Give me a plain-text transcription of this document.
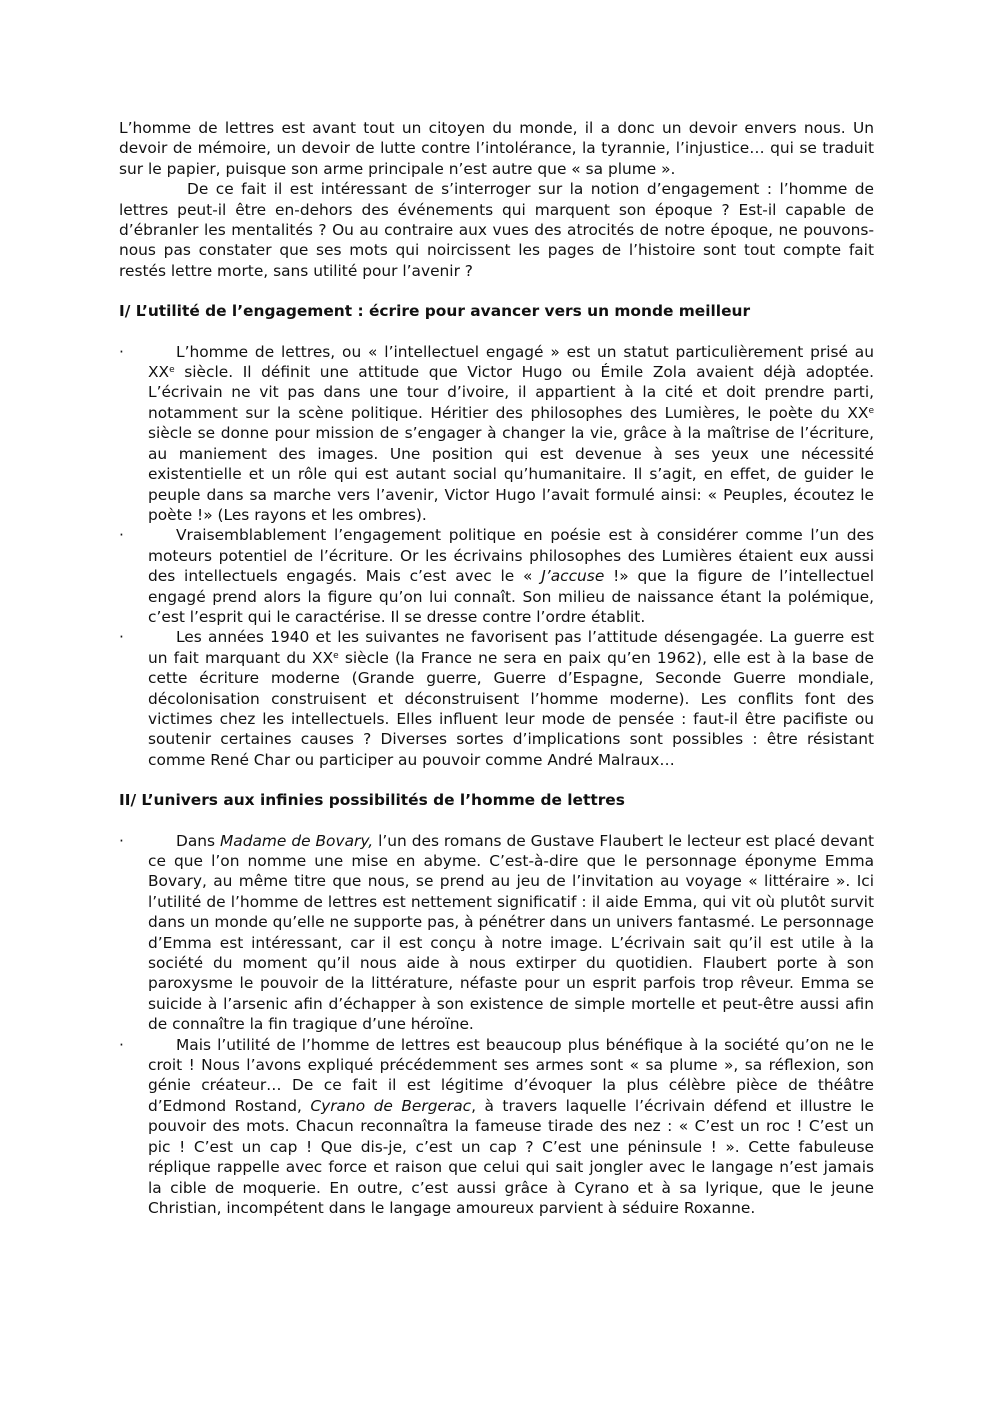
L’homme de lettres est avant tout un citoyen du monde, il a donc un devoir envers nous. Un devoir de mémoire, un devoir de lutte contre l’intolérance, la tyrannie, l’injustice… qui se traduit sur le papier, puisque son arme principale n’est autre que « sa plume ».

De ce fait il est intéressant de s’interroger sur la notion d’engagement : l’homme de lettres peut-il être en-dehors des événements qui marquent son époque ? Est-il capable de d’ébranler les mentalités ? Ou au contraire aux vues des atrocités de notre époque, ne pouvons-nous pas constater que ses mots qui noircissent les pages de l’histoire sont tout compte fait restés lettre morte, sans utilité pour l’avenir ?

I/ L’utilité de l’engagement : écrire pour avancer vers un monde meilleur
·	L’homme de lettres, ou « l’intellectuel engagé » est un statut particulièrement prisé au XXe siècle. Il définit une attitude que Victor Hugo ou Émile Zola avaient déjà adoptée. L’écrivain ne vit pas dans une tour d’ivoire, il appartient à la cité et doit prendre parti, notamment sur la scène politique. Héritier des philosophes des Lumières, le poète du XXe siècle se donne pour mission de s’engager à changer la vie, grâce à la maîtrise de l’écriture, au maniement des images. Une position qui est devenue à ses yeux une nécessité existentielle et un rôle qui est autant social qu’humanitaire. Il s’agit, en effet, de guider le peuple dans sa marche vers l’avenir, Victor Hugo l’avait formulé ainsi: « Peuples, écoutez le poète !» (Les rayons et les ombres).

·	Vraisemblablement l’engagement politique en poésie est à considérer comme l’un des moteurs potentiel de l’écriture. Or les écrivains philosophes des Lumières étaient eux aussi des intellectuels engagés. Mais c’est avec le « J’accuse !» que la figure de l’intellectuel engagé prend alors la figure qu’on lui connaît. Son milieu de naissance étant la polémique, c’est l’esprit qui le caractérise. Il se dresse contre l’ordre établit.

·	Les années 1940 et les suivantes ne favorisent pas l’attitude désengagée. La guerre est un fait marquant du XXe siècle (la France ne sera en paix qu’en 1962), elle est à la base de cette écriture moderne (Grande guerre, Guerre d’Espagne, Seconde Guerre mondiale, décolonisation construisent et déconstruisent l’homme moderne). Les conflits font des victimes chez les intellectuels. Elles influent leur mode de pensée : faut-il être pacifiste ou soutenir certaines causes ? Diverses sortes d’implications sont possibles : être résistant comme René Char ou participer au pouvoir comme André Malraux…

II/ L’univers aux infinies possibilités de l’homme de lettres
·	Dans Madame de Bovary, l’un des romans de Gustave Flaubert le lecteur est placé devant ce que l’on nomme une mise en abyme. C’est-à-dire que le personnage éponyme Emma Bovary, au même titre que nous, se prend au jeu de l’invitation au voyage « littéraire ». Ici l’utilité de l’homme de lettres est nettement significatif : il aide Emma, qui vit où plutôt survit dans un monde qu’elle ne supporte pas, à pénétrer dans un univers fantasmé. Le personnage d’Emma est intéressant, car il est conçu à notre image. L’écrivain sait qu’il est utile à la société du moment qu’il nous aide à nous extirper du quotidien. Flaubert porte à son paroxysme le pouvoir de la littérature, néfaste pour un esprit parfois trop rêveur. Emma se suicide à l’arsenic afin d’échapper à son existence de simple mortelle et peut-être aussi afin de connaître la fin tragique d’une héroïne.

·	Mais l’utilité de l’homme de lettres est beaucoup plus bénéfique à la société qu’on ne le croit ! Nous l’avons expliqué précédemment ses armes sont « sa plume », sa réflexion, son génie créateur… De ce fait il est légitime d’évoquer la plus célèbre pièce de théâtre d’Edmond Rostand, Cyrano de Bergerac, à travers laquelle l’écrivain défend et illustre le pouvoir des mots. Chacun reconnaîtra la fameuse tirade des nez : « C’est un roc ! C’est un pic ! C’est un cap ! Que dis-je, c’est un cap ? C’est une péninsule ! ». Cette fabuleuse réplique rappelle avec force et raison que celui qui sait jongler avec le langage n’est jamais la cible de moquerie. En outre, c’est aussi grâce à Cyrano et à sa lyrique, que le jeune Christian, incompétent dans le langage amoureux parvient à séduire Roxanne.
